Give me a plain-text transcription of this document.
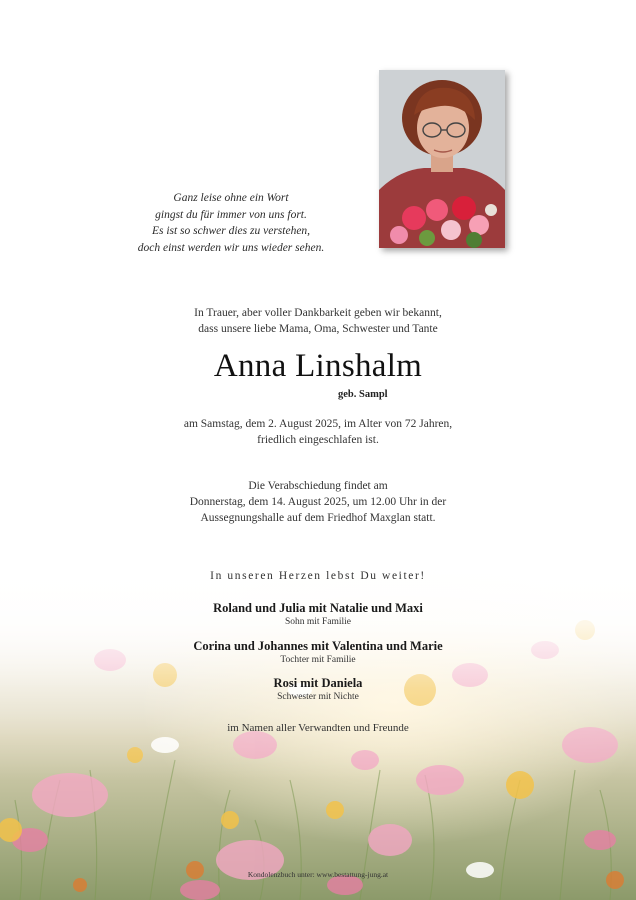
Ganz leise ohne ein Wort
gingst du für immer von uns fort.
Es ist so schwer dies zu verstehen,
doch einst werden wir uns wieder sehen.
In Trauer, aber voller Dankbarkeit geben wir bekannt,
dass unsere liebe Mama, Oma, Schwester und Tante
Anna Linshalm
geb. Sampl
am Samstag, dem 2. August 2025, im Alter von 72 Jahren,
friedlich eingeschlafen ist.
Die Verabschiedung findet am
Donnerstag, dem 14. August 2025, um 12.00 Uhr in der
Aussegnungshalle auf dem Friedhof Maxglan statt.
In unseren Herzen lebst Du weiter!
Roland und Julia mit Natalie und Maxi
Sohn mit Familie
Corina und Johannes mit Valentina und Marie
Tochter mit Familie
Rosi mit Daniela
Schwester mit Nichte
im Namen aller Verwandten und Freunde
Kondolenzbuch unter: www.bestattung-jung.at
